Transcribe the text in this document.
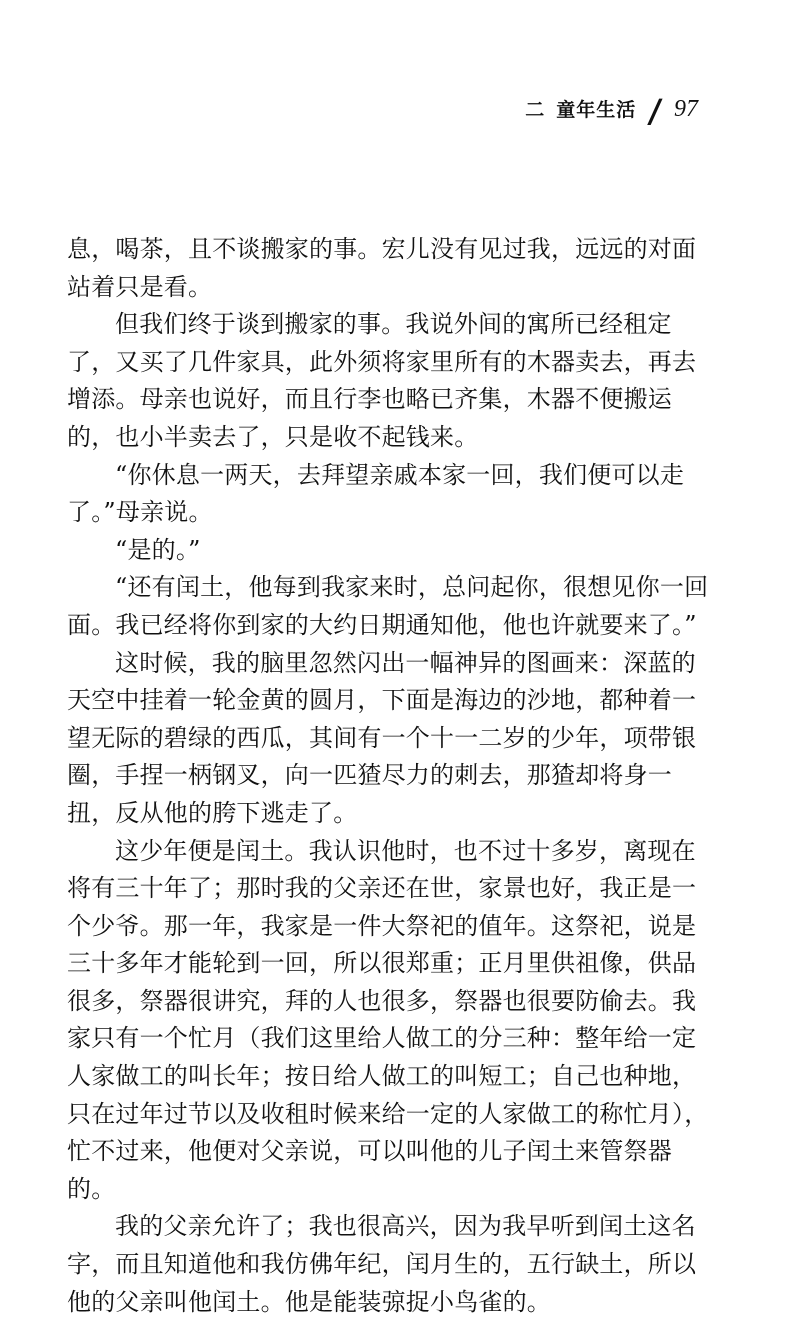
二 童年生活 / 97

息，喝茶，且不谈搬家的事。宏儿没有见过我，远远的对面站着只是看。

但我们终于谈到搬家的事。我说外间的寓所已经租定了，又买了几件家具，此外须将家里所有的木器卖去，再去增添。母亲也说好，而且行李也略已齐集，木器不便搬运的，也小半卖去了，只是收不起钱来。

“你休息一两天，去拜望亲戚本家一回，我们便可以走了。”母亲说。

“是的。”

“还有闰土，他每到我家来时，总问起你，很想见你一回面。我已经将你到家的大约日期通知他，他也许就要来了。”

这时候，我的脑里忽然闪出一幅神异的图画来：深蓝的天空中挂着一轮金黄的圆月，下面是海边的沙地，都种着一望无际的碧绿的西瓜，其间有一个十一二岁的少年，项带银圈，手捏一柄钢叉，向一匹猹尽力的刺去，那猹却将身一扭，反从他的胯下逃走了。

这少年便是闰土。我认识他时，也不过十多岁，离现在将有三十年了；那时我的父亲还在世，家景也好，我正是一个少爷。那一年，我家是一件大祭祀的值年。这祭祀，说是三十多年才能轮到一回，所以很郑重；正月里供祖像，供品很多，祭器很讲究，拜的人也很多，祭器也很要防偷去。我家只有一个忙月（我们这里给人做工的分三种：整年给一定人家做工的叫长年；按日给人做工的叫短工；自己也种地，只在过年过节以及收租时候来给一定的人家做工的称忙月），忙不过来，他便对父亲说，可以叫他的儿子闰土来管祭器的。

我的父亲允许了；我也很高兴，因为我早听到闰土这名字，而且知道他和我仿佛年纪，闰月生的，五行缺土，所以他的父亲叫他闰土。他是能装弶捉小鸟雀的。
